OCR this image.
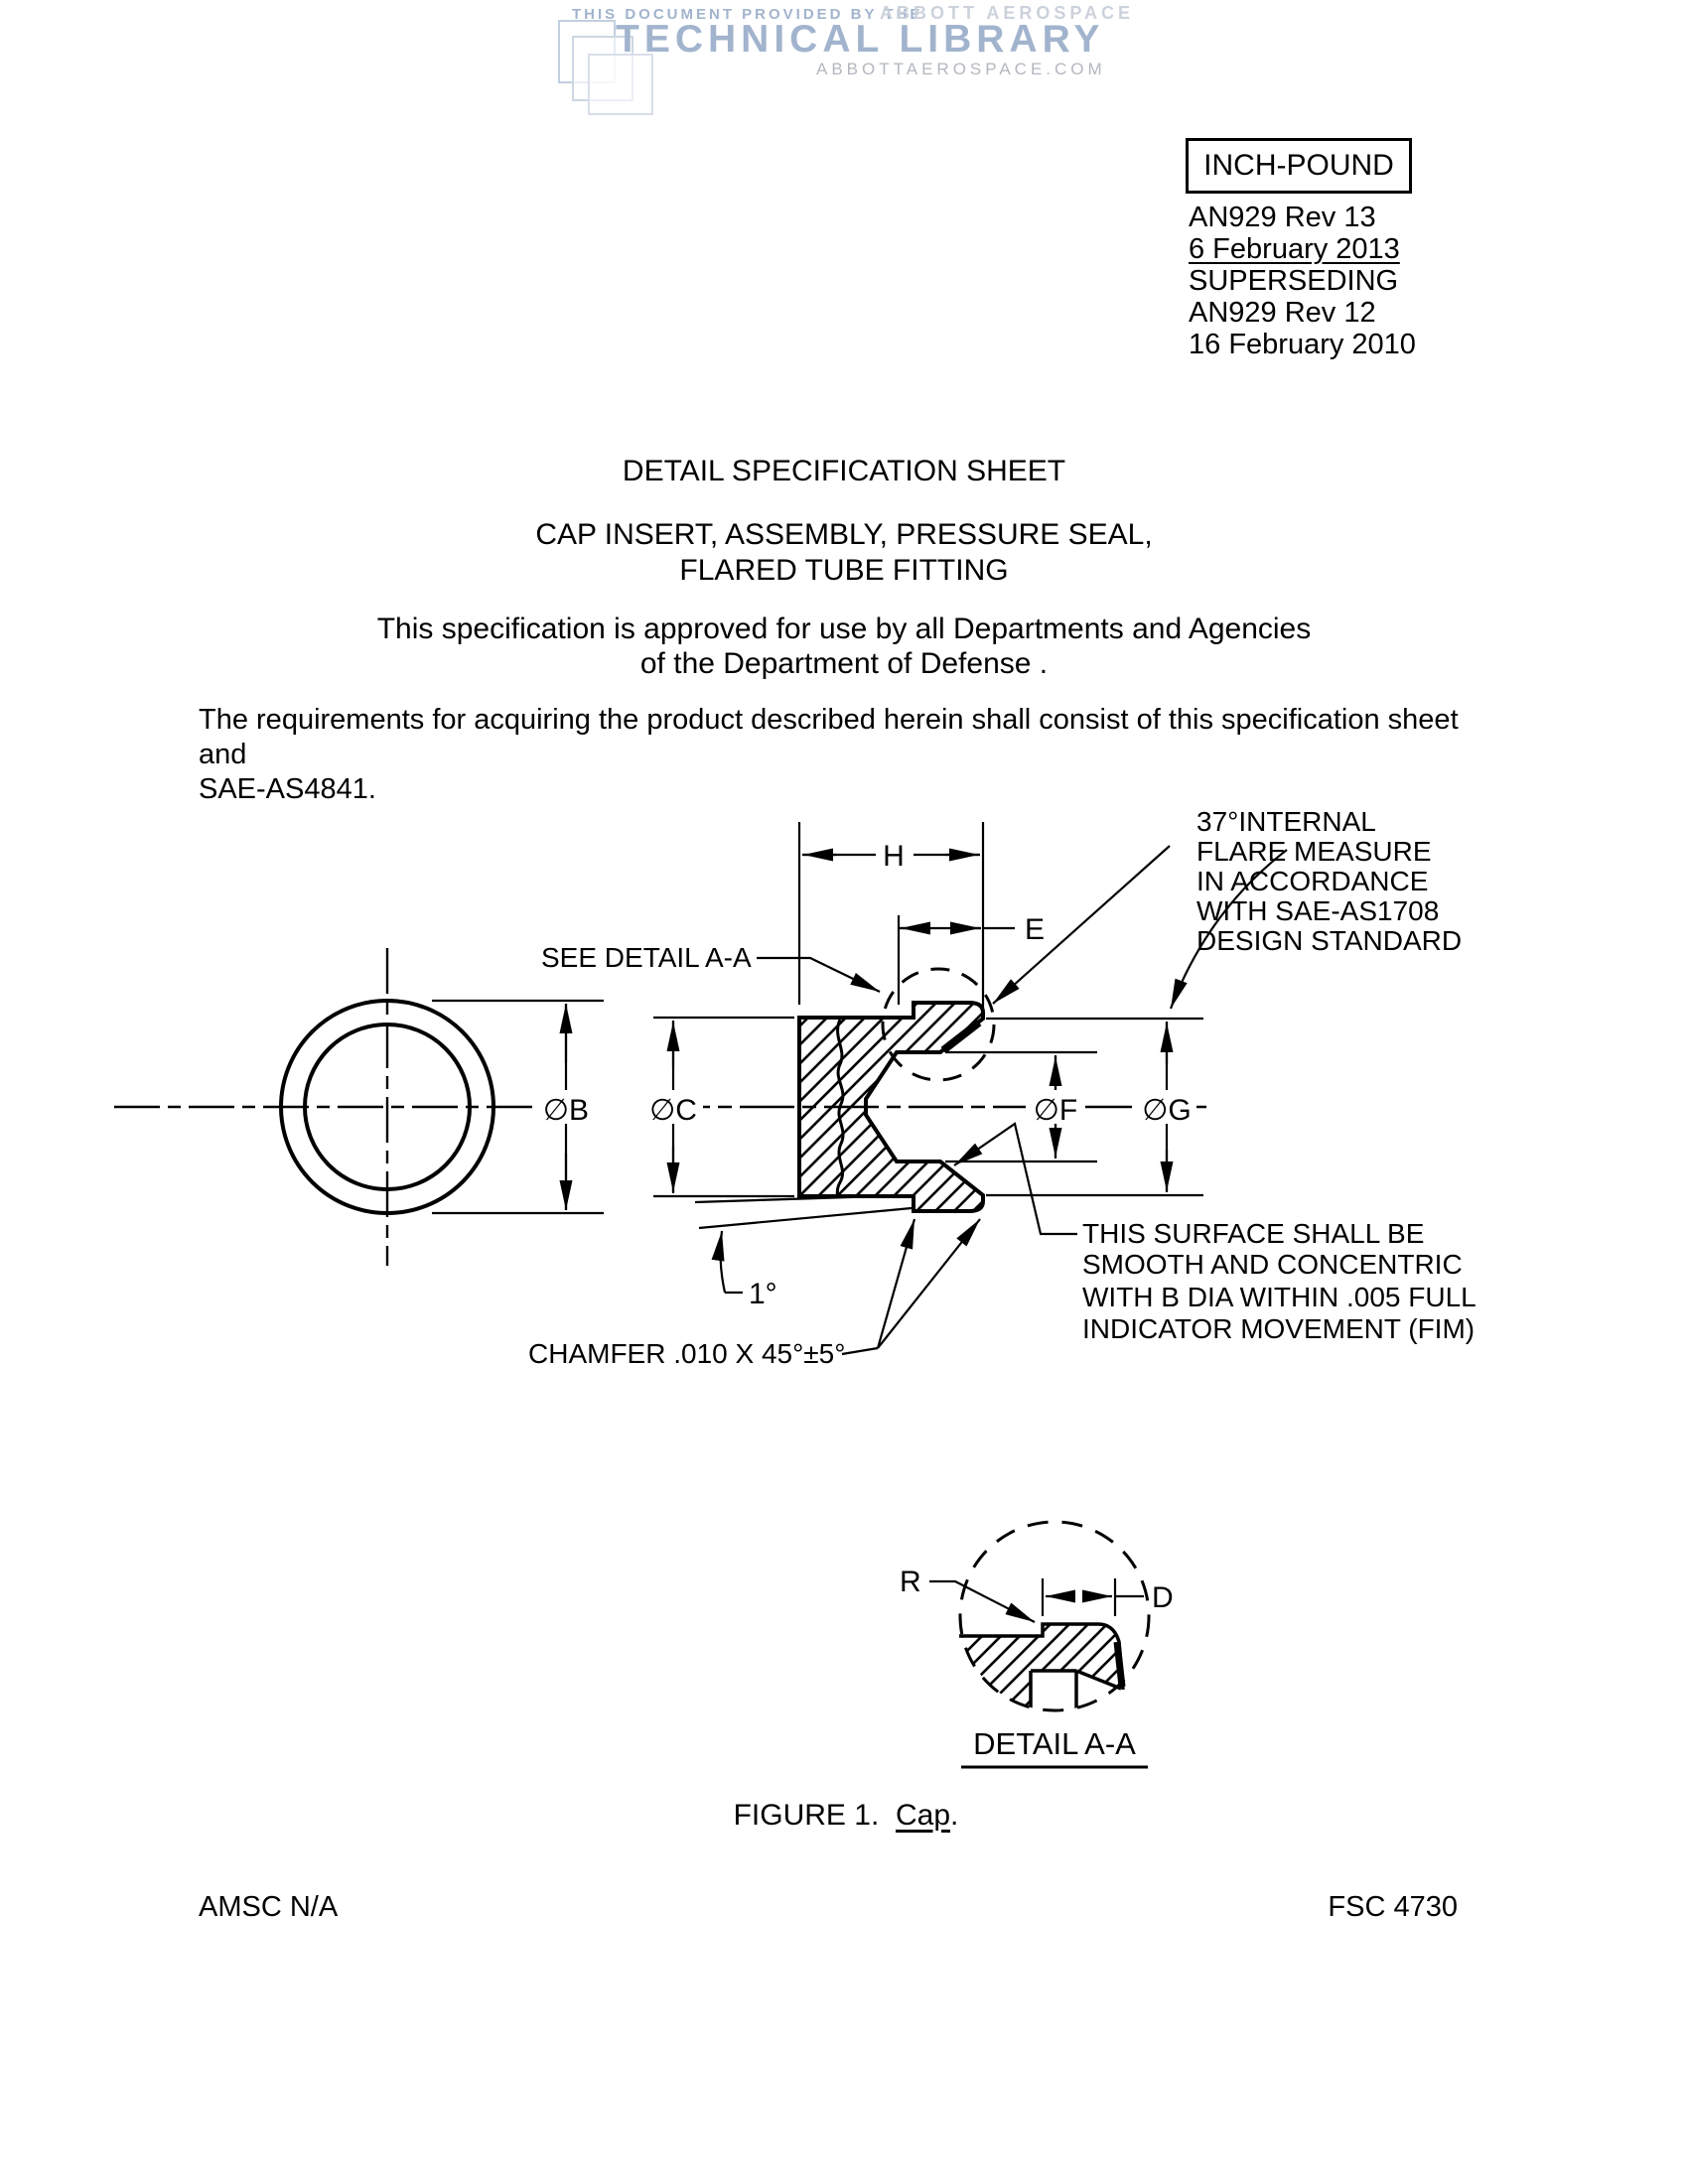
THIS DOCUMENT PROVIDED BY THE
ABBOTT AEROSPACE
TECHNICAL LIBRARY
ABBOTTAEROSPACE.COM
INCH-POUND
AN929 Rev 13
6 February 2013
SUPERSEDING
AN929 Rev 12
16 February 2010
DETAIL SPECIFICATION SHEET
CAP INSERT, ASSEMBLY, PRESSURE SEAL,
FLARED TUBE FITTING
This specification is approved for use by all Departments and Agencies
of the Department of Defense .
The requirements for acquiring the product described herein shall consist of this specification sheet and
SAE-AS4841.
∅B
H
E
∅C	∅F ∅G
37°INTERNAL
FLARE MEASURE
IN ACCORDANCE
WITH SAE-AS1708
DESIGN STANDARD
SEE DETAIL A-A
THIS SURFACE SHALL BE
SMOOTH AND CONCENTRIC
WITH B DIA WITHIN .005 FULL
INDICATOR MOVEMENT (FIM)
1°
CHAMFER .010 X 45°±5°
R	D
DETAIL A-A
FIGURE 1. Cap.
AMSC N/A	FSC 4730
